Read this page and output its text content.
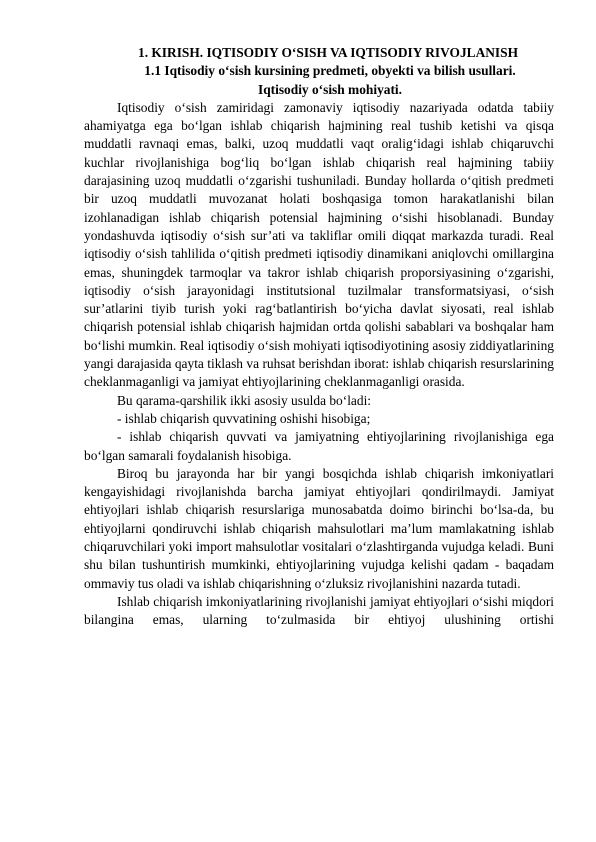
1. KIRISH. IQTISODIY O‘SISH VA IQTISODIY RIVOJLANISH
1.1 Iqtisodiy o‘sish kursining predmeti, obyekti va bilish usullari.
Iqtisodiy o‘sish mohiyati.

Iqtisodiy o‘sish zamiridagi zamonaviy iqtisodiy nazariyada odatda tabiiy ahamiyatga ega bo‘lgan ishlab chiqarish hajmining real tushib ketishi va qisqa muddatli ravnaqi emas, balki, uzoq muddatli vaqt oralig‘idagi ishlab chiqaruvchi kuchlar rivojlanishiga bog‘liq bo‘lgan ishlab chiqarish real hajmining tabiiy darajasining uzoq muddatli o‘zgarishi tushuniladi. Bunday hollarda o‘qitish predmeti bir uzoq muddatli muvozanat holati boshqasiga tomon harakatlanishi bilan izohlanadigan ishlab chiqarish potensial hajmining o‘sishi hisoblanadi. Bunday yondashuvda iqtisodiy o‘sish sur’ati va takliflar omili diqqat markazda turadi. Real iqtisodiy o‘sish tahlilida o‘qitish predmeti iqtisodiy dinamikani aniqlovchi omillargina emas, shuningdek tarmoqlar va takror ishlab chiqarish proporsiyasining o‘zgarishi, iqtisodiy o‘sish jarayonidagi institutsional tuzilmalar transformatsiyasi, o‘sish sur’atlarini tiyib turish yoki rag‘batlantirish bo‘yicha davlat siyosati, real ishlab chiqarish potensial ishlab chiqarish hajmidan ortda qolishi sabablari va boshqalar ham bo‘lishi mumkin. Real iqtisodiy o‘sish mohiyati iqtisodiyotining asosiy ziddiyatlarining yangi darajasida qayta tiklash va ruhsat berishdan iborat: ishlab chiqarish resurslarining cheklanmaganligi va jamiyat ehtiyojlarining cheklanmaganligi orasida.

Bu qarama-qarshilik ikki asosiy usulda bo‘ladi:

- ishlab chiqarish quvvatining oshishi hisobiga;

- ishlab chiqarish quvvati va jamiyatning ehtiyojlarining rivojlanishiga ega bo‘lgan samarali foydalanish hisobiga.

Biroq bu jarayonda har bir yangi bosqichda ishlab chiqarish imkoniyatlari kengayishidagi rivojlanishda barcha jamiyat ehtiyojlari qondirilmaydi. Jamiyat ehtiyojlari ishlab chiqarish resurslariga munosabatda doimo birinchi bo‘lsa-da, bu ehtiyojlarni qondiruvchi ishlab chiqarish mahsulotlari ma’lum mamlakatning ishlab chiqaruvchilari yoki import mahsulotlar vositalari o‘zlashtirganda vujudga keladi. Buni shu bilan tushuntirish mumkinki, ehtiyojlarining vujudga kelishi qadam - baqadam ommaviy tus oladi va ishlab chiqarishning o‘zluksiz rivojlanishini nazarda tutadi.

Ishlab chiqarish imkoniyatlarining rivojlanishi jamiyat ehtiyojlari o‘sishi miqdori bilangina emas, ularning to‘zulmasida bir ehtiyoj ulushining ortishi
